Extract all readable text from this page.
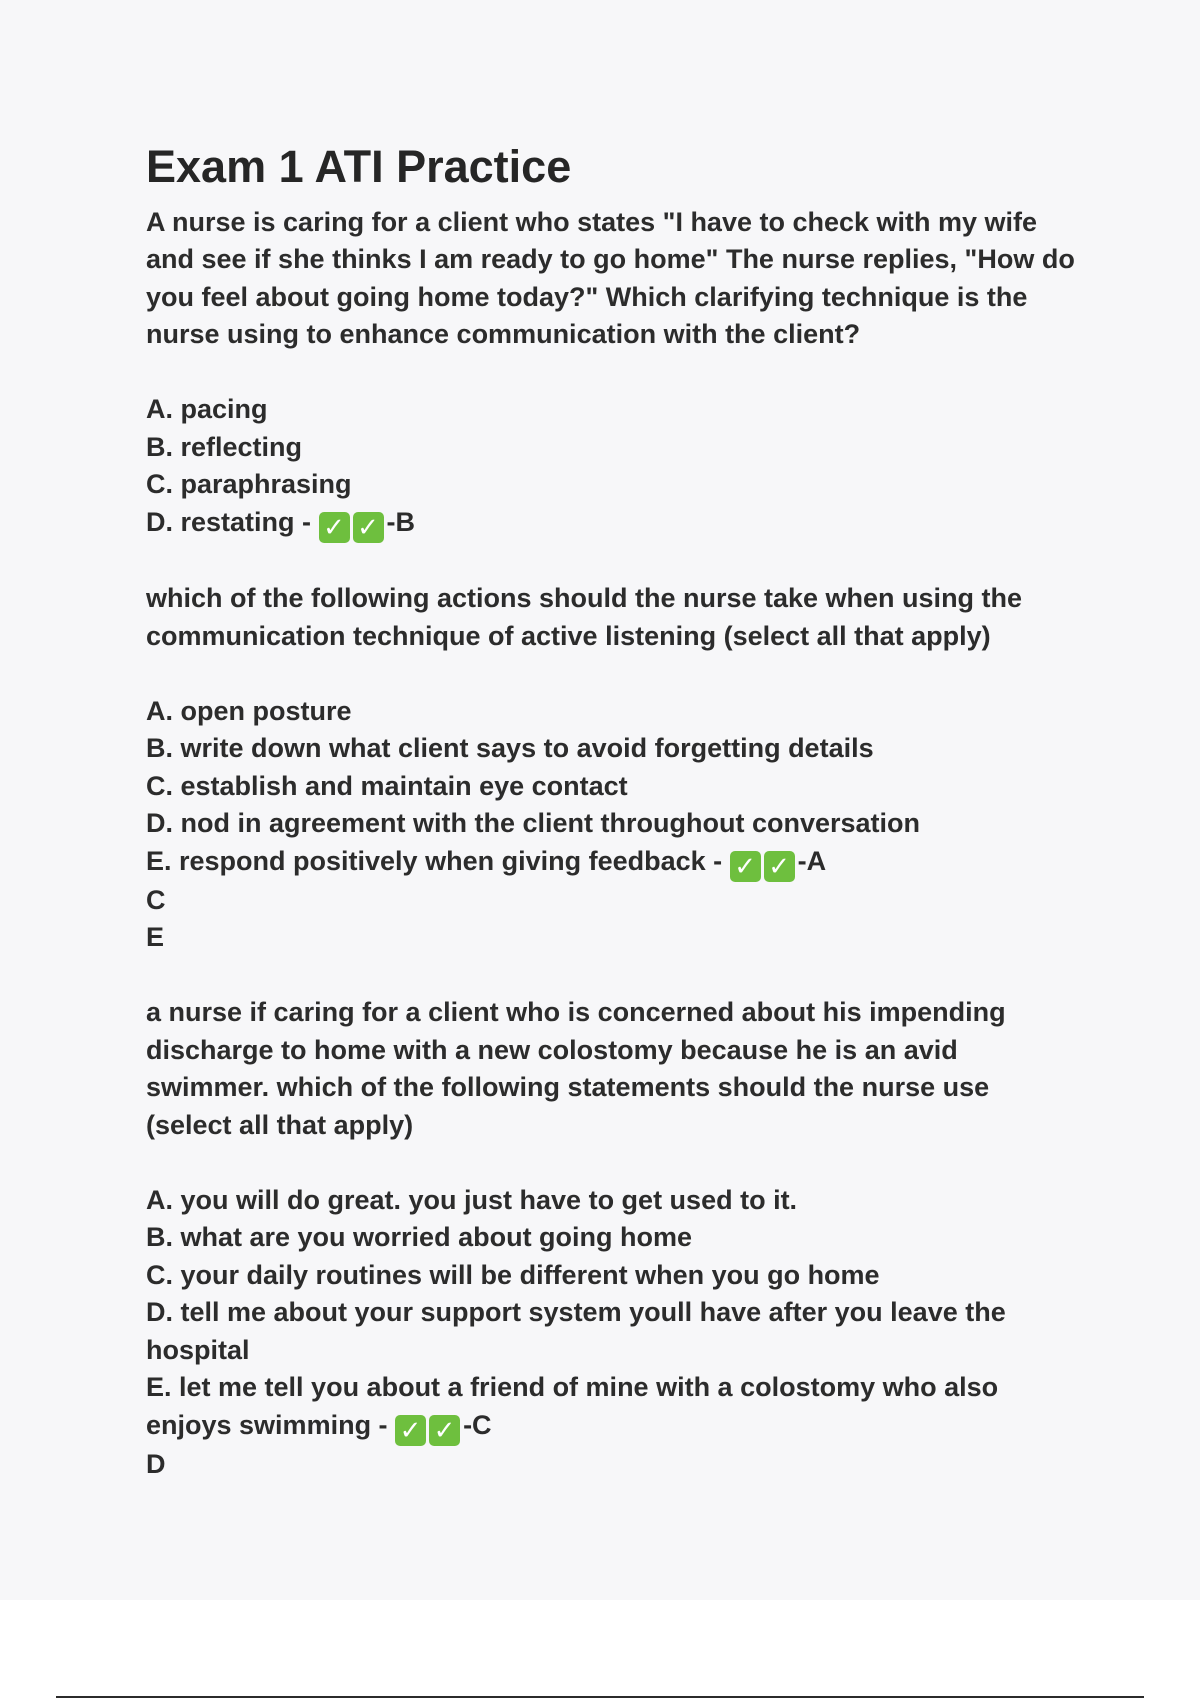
Exam 1 ATI Practice

A nurse is caring for a client who states "I have to check with my wife and see if she thinks I am ready to go home" The nurse replies, "How do you feel about going home today?" Which clarifying technique is the nurse using to enhance communication with the client?

A. pacing

B. reflecting

C. paraphrasing

D. restating - ✓ ✓ -B

which of the following actions should the nurse take when using the communication technique of active listening (select all that apply)

A. open posture

B. write down what client says to avoid forgetting details

C. establish and maintain eye contact

D. nod in agreement with the client throughout conversation

E. respond positively when giving feedback - ✓ ✓ -A

C

E

a nurse if caring for a client who is concerned about his impending discharge to home with a new colostomy because he is an avid swimmer. which of the following statements should the nurse use (select all that apply)

A. you will do great. you just have to get used to it.

B. what are you worried about going home

C. your daily routines will be different when you go home

D. tell me about your support system youll have after you leave the hospital

E. let me tell you about a friend of mine with a colostomy who also enjoys swimming - ✓ ✓ -C

D
